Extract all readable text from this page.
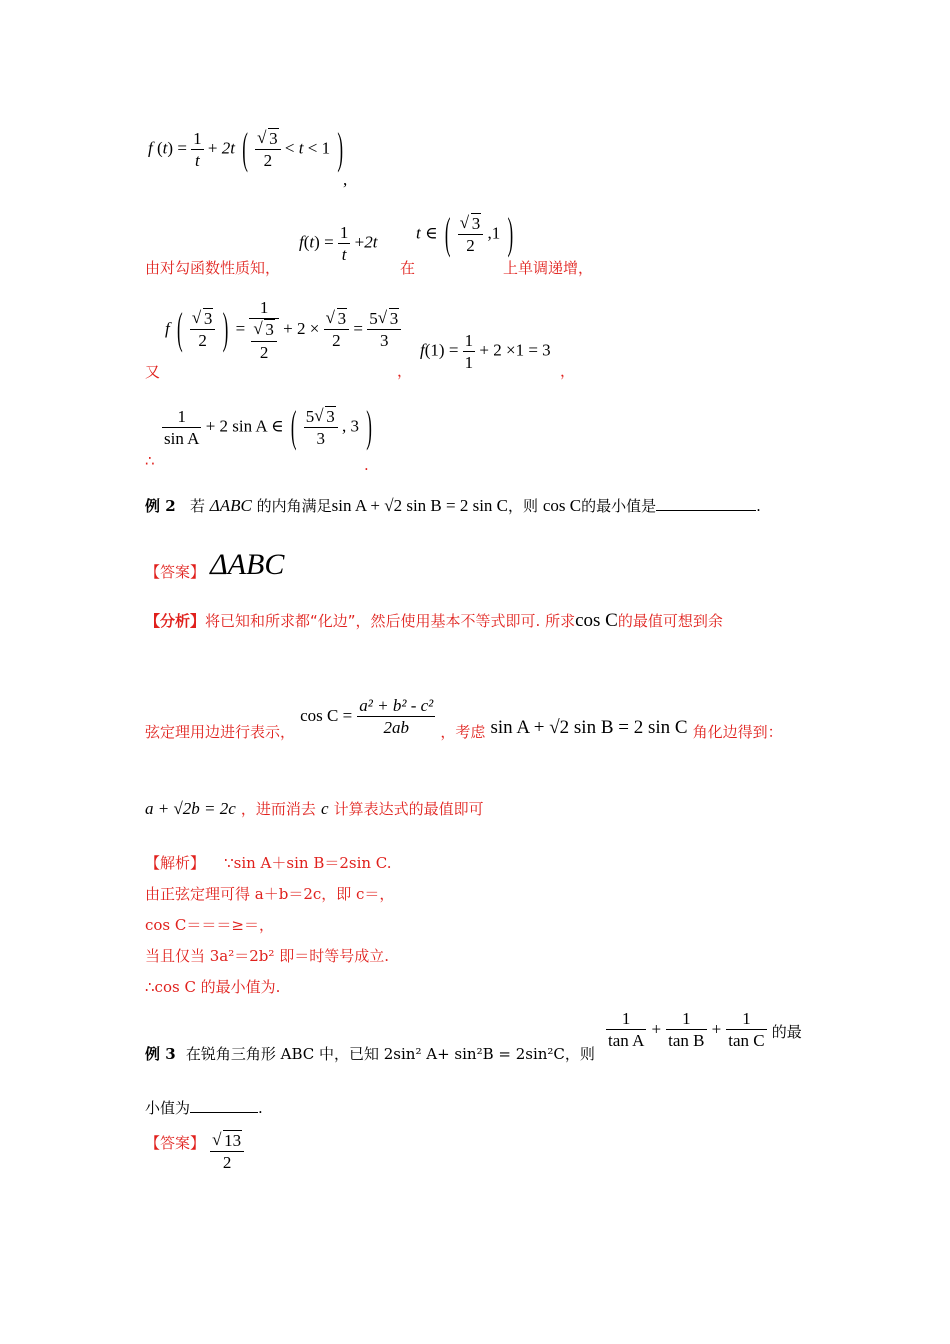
f $(t) = \frac{1}{t} + 2t$ ( √ $\frac{3}{2} < t < 1$ )
,
由对勾函数性质知，
$f(t) = \frac{1}{t} +2t$
在
t ∈ ( √ $\frac{3}{2} ,1$ )
上单调递增，
又
f ( √ $\frac{3}{2}$ ) = 1
√ $\frac{3}{2} + 2$ × √ $\frac{3}{2} = \frac{5 √ 3}{3}$
，
$f(1) = \frac{1}{1} + 2 \times 1 = 3$
，
∴
$\frac{1}{\text{sin A}} + 2$ sin A ∈ ( $\frac{5 √ 3}{3}$ , 3 )
.
例 2 若 ΔABC 的内角满足sin A + √2 sin B = 2 sin C，则 cos C的最小值是	.
【答案】 ΔABC
【分析】将已知和所求都“化边”，然后使用基本不等式即可. 所求cos C的最值可想到余
弦定理用边进行表示， $\cos C = \frac{\text{a² + b² - c²}}{2ab}$ ，考虑 sin A + √2 sin B = 2 sin C 角化边得到：
a + √2b = 2c ，进而消去 c 计算表达式的最值即可
【解析】 ∵sin A＋sin B＝2sin C.
由正弦定理可得 a＋b＝2c，即 c＝，
cos C＝＝＝≥＝，
当且仅当 3a²＝2b² 即＝时等号成立.
∴cos C 的最小值为.
例 3 在锐角三角形 ABC 中，已知 2sin² A+ sin²B = 2sin²C，则
$\frac{1}{\text{tan A}} + \frac{1}{\text{tan B}} + \frac{1}{\text{tan C}}$ 的最
小值为	.
【答案】 √ $\frac{13}{2}$
